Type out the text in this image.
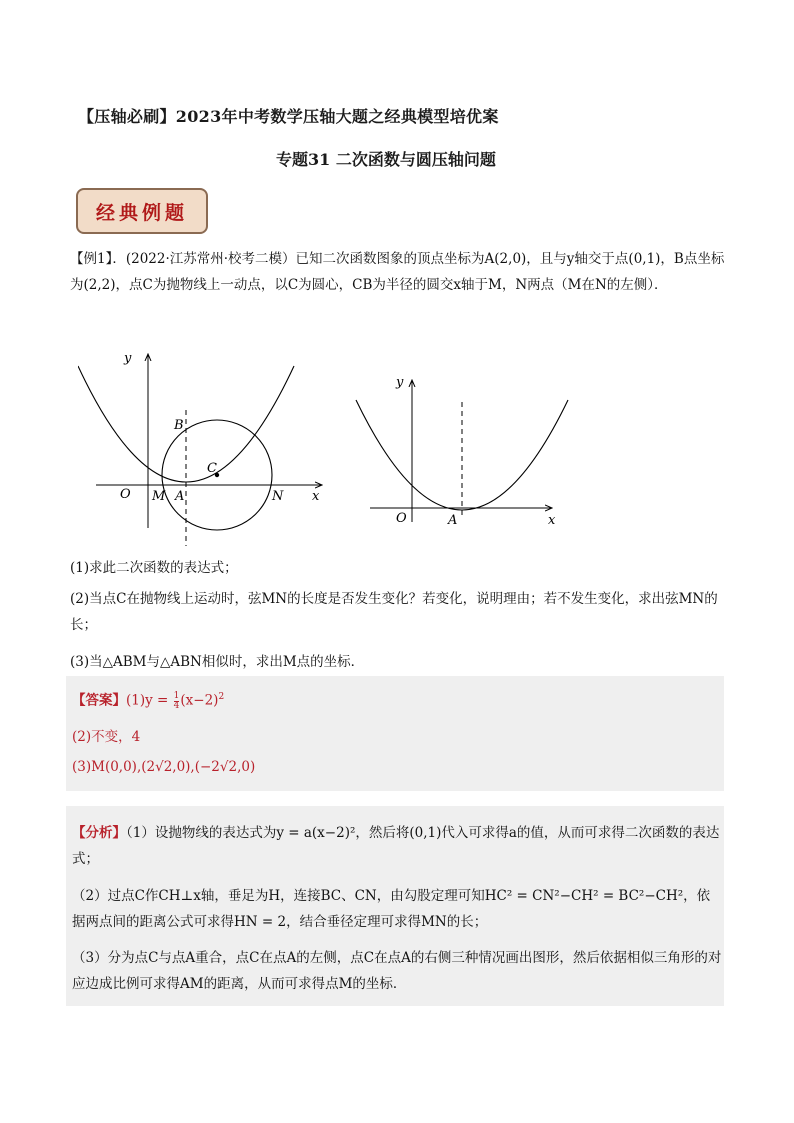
【压轴必刷】2023年中考数学压轴大题之经典模型培优案
专题31 二次函数与圆压轴问题
经典例题
【例1】．(2022·江苏常州·校考二模）已知二次函数图象的顶点坐标为A(2,0)，且与y轴交于点(0,1)，B点坐标为(2,2)，点C为抛物线上一动点，以C为圆心，CB为半径的圆交x轴于M，N两点（M在N的左侧）．
y
x
O M A	N
B
C
y
x
O	A
(1)求此二次函数的表达式；
(2)当点C在抛物线上运动时，弦MN的长度是否发生变化？若变化，说明理由；若不发生变化，求出弦MN的长；
(3)当△ABM与△ABN相似时，求出M点的坐标．
【答案】$(1)y = \frac{1}{4} (x-2)^2$
(2)不变，4
(3)M(0,0),(2√2,0),(−2√2,0)
【分析】（1）设抛物线的表达式为y = a(x−2)²，然后将(0,1)代入可求得a的值，从而可求得二次函数的表达式；
（2）过点C作CH⊥x轴，垂足为H，连接BC、CN，由勾股定理可知HC² = CN²−CH² = BC²−CH²，依据两点间的距离公式可求得HN = 2，结合垂径定理可求得MN的长；
（3）分为点C与点A重合，点C在点A的左侧，点C在点A的右侧三种情况画出图形，然后依据相似三角形的对应边成比例可求得AM的距离，从而可求得点M的坐标．
